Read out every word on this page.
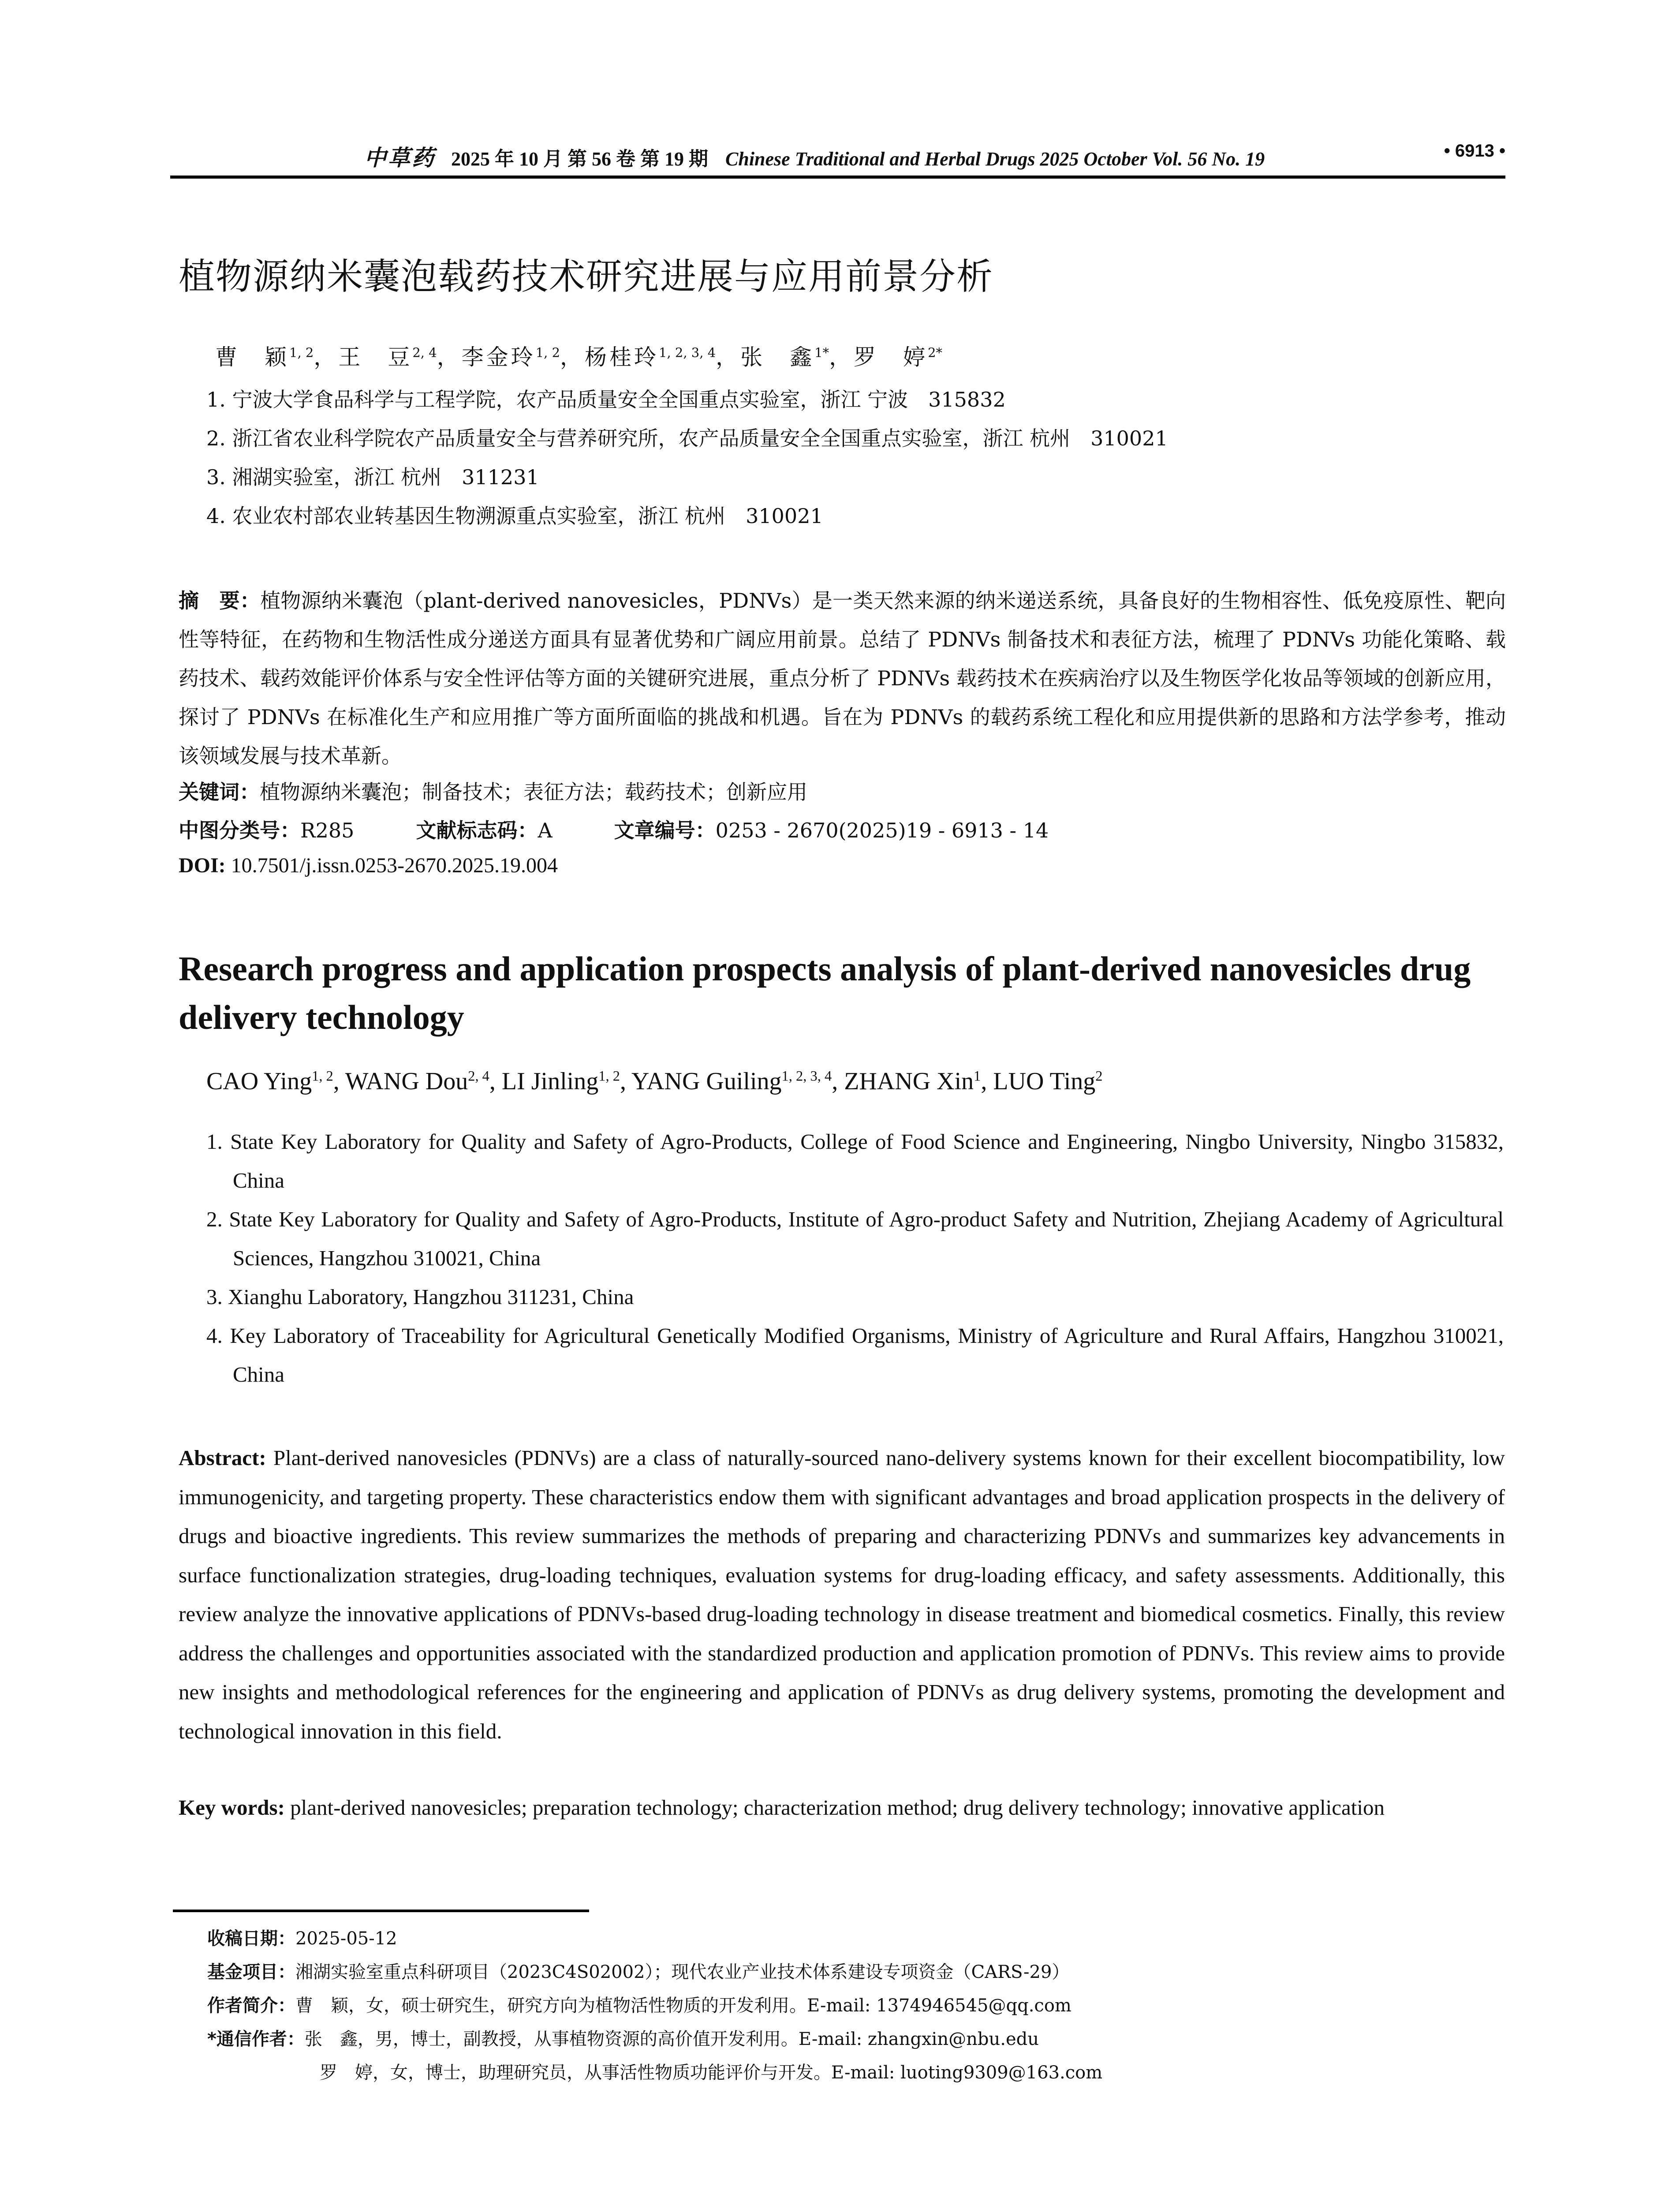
中草药 2025 年 10 月 第 56 卷 第 19 期 Chinese Traditional and Herbal Drugs 2025 October Vol. 56 No. 19	• 6913 •
植物源纳米囊泡载药技术研究进展与应用前景分析
曹　颖$^{1, 2}$，王　豆$^{2, 4}$，李金玲$^{1, 2}$，杨桂玲$^{1, 2, 3, 4}$，张　鑫$^{1*}$，罗　婷$^{2*}$
1. 宁波大学食品科学与工程学院，农产品质量安全全国重点实验室，浙江 宁波　315832
2. 浙江省农业科学院农产品质量安全与营养研究所，农产品质量安全全国重点实验室，浙江 杭州　310021
3. 湘湖实验室，浙江 杭州　311231
4. 农业农村部农业转基因生物溯源重点实验室，浙江 杭州　310021
摘　要：植物源纳米囊泡（plant-derived nanovesicles，PDNVs）是一类天然来源的纳米递送系统，具备良好的生物相容性、低免疫原性、靶向性等特征，在药物和生物活性成分递送方面具有显著优势和广阔应用前景。总结了 PDNVs 制备技术和表征方法，梳理了 PDNVs 功能化策略、载药技术、载药效能评价体系与安全性评估等方面的关键研究进展，重点分析了 PDNVs 载药技术在疾病治疗以及生物医学化妆品等领域的创新应用，探讨了 PDNVs 在标准化生产和应用推广等方面所面临的挑战和机遇。旨在为 PDNVs 的载药系统工程化和应用提供新的思路和方法学参考，推动该领域发展与技术革新。
关键词：植物源纳米囊泡；制备技术；表征方法；载药技术；创新应用
中图分类号：R285	文献标志码：A	文章编号：0253 - 2670(2025)19 - 6913 - 14
DOI: 10.7501/j.issn.0253-2670.2025.19.004
Research progress and application prospects analysis of plant-derived nanovesicles drug delivery technology
CAO Ying$^{1, 2}$, WANG Dou$^{2, 4}$, LI Jinling$^{1, 2}$, YANG Guiling$^{1, 2, 3, 4}$, ZHANG Xin$^1$, LUO Ting$^2$
1. State Key Laboratory for Quality and Safety of Agro-Products, College of Food Science and Engineering, Ningbo University, Ningbo 315832, China
2. State Key Laboratory for Quality and Safety of Agro-Products, Institute of Agro-product Safety and Nutrition, Zhejiang Academy of Agricultural Sciences, Hangzhou 310021, China
3. Xianghu Laboratory, Hangzhou 311231, China
4. Key Laboratory of Traceability for Agricultural Genetically Modified Organisms, Ministry of Agriculture and Rural Affairs, Hangzhou 310021, China
Abstract: Plant-derived nanovesicles (PDNVs) are a class of naturally-sourced nano-delivery systems known for their excellent biocompatibility, low immunogenicity, and targeting property. These characteristics endow them with significant advantages and broad application prospects in the delivery of drugs and bioactive ingredients. This review summarizes the methods of preparing and characterizing PDNVs and summarizes key advancements in surface functionalization strategies, drug-loading techniques, evaluation systems for drug-loading efficacy, and safety assessments. Additionally, this review analyze the innovative applications of PDNVs-based drug-loading technology in disease treatment and biomedical cosmetics. Finally, this review address the challenges and opportunities associated with the standardized production and application promotion of PDNVs. This review aims to provide new insights and methodological references for the engineering and application of PDNVs as drug delivery systems, promoting the development and technological innovation in this field.
Key words: plant-derived nanovesicles; preparation technology; characterization method; drug delivery technology; innovative application
收稿日期：2025-05-12
基金项目：湘湖实验室重点科研项目（2023C4S02002）；现代农业产业技术体系建设专项资金（CARS-29）
作者简介：曹　颖，女，硕士研究生，研究方向为植物活性物质的开发利用。E-mail: 1374946545@qq.com
*通信作者：张　鑫，男，博士，副教授，从事植物资源的高价值开发利用。E-mail: zhangxin@nbu.edu
罗　婷，女，博士，助理研究员，从事活性物质功能评价与开发。E-mail: luoting9309@163.com
